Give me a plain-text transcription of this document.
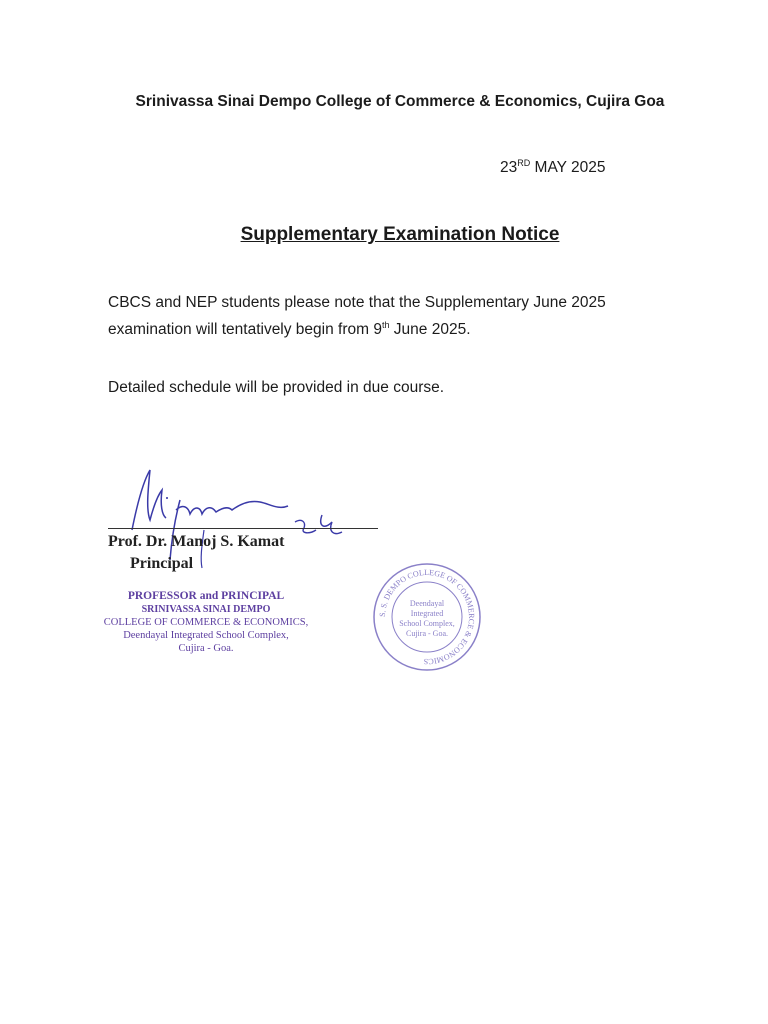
Srinivassa Sinai Dempo College of Commerce & Economics, Cujira Goa
23RD MAY 2025
Supplementary Examination Notice
CBCS and NEP students please note that the Supplementary June 2025 examination will tentatively begin from 9th June 2025.
Detailed schedule will be provided in due course.
Prof. Dr. Manoj S. Kamat
Principal
PROFESSOR and PRINCIPAL
SRINIVASSA SINAI DEMPO
COLLEGE OF COMMERCE & ECONOMICS,
Deendayal Integrated School Complex,
Cujira - Goa.
S. S. DEMPO COLLEGE OF COMMERCE & ECONOMICS
Deendayal
Integrated
School Complex,
Cujira - Goa.
